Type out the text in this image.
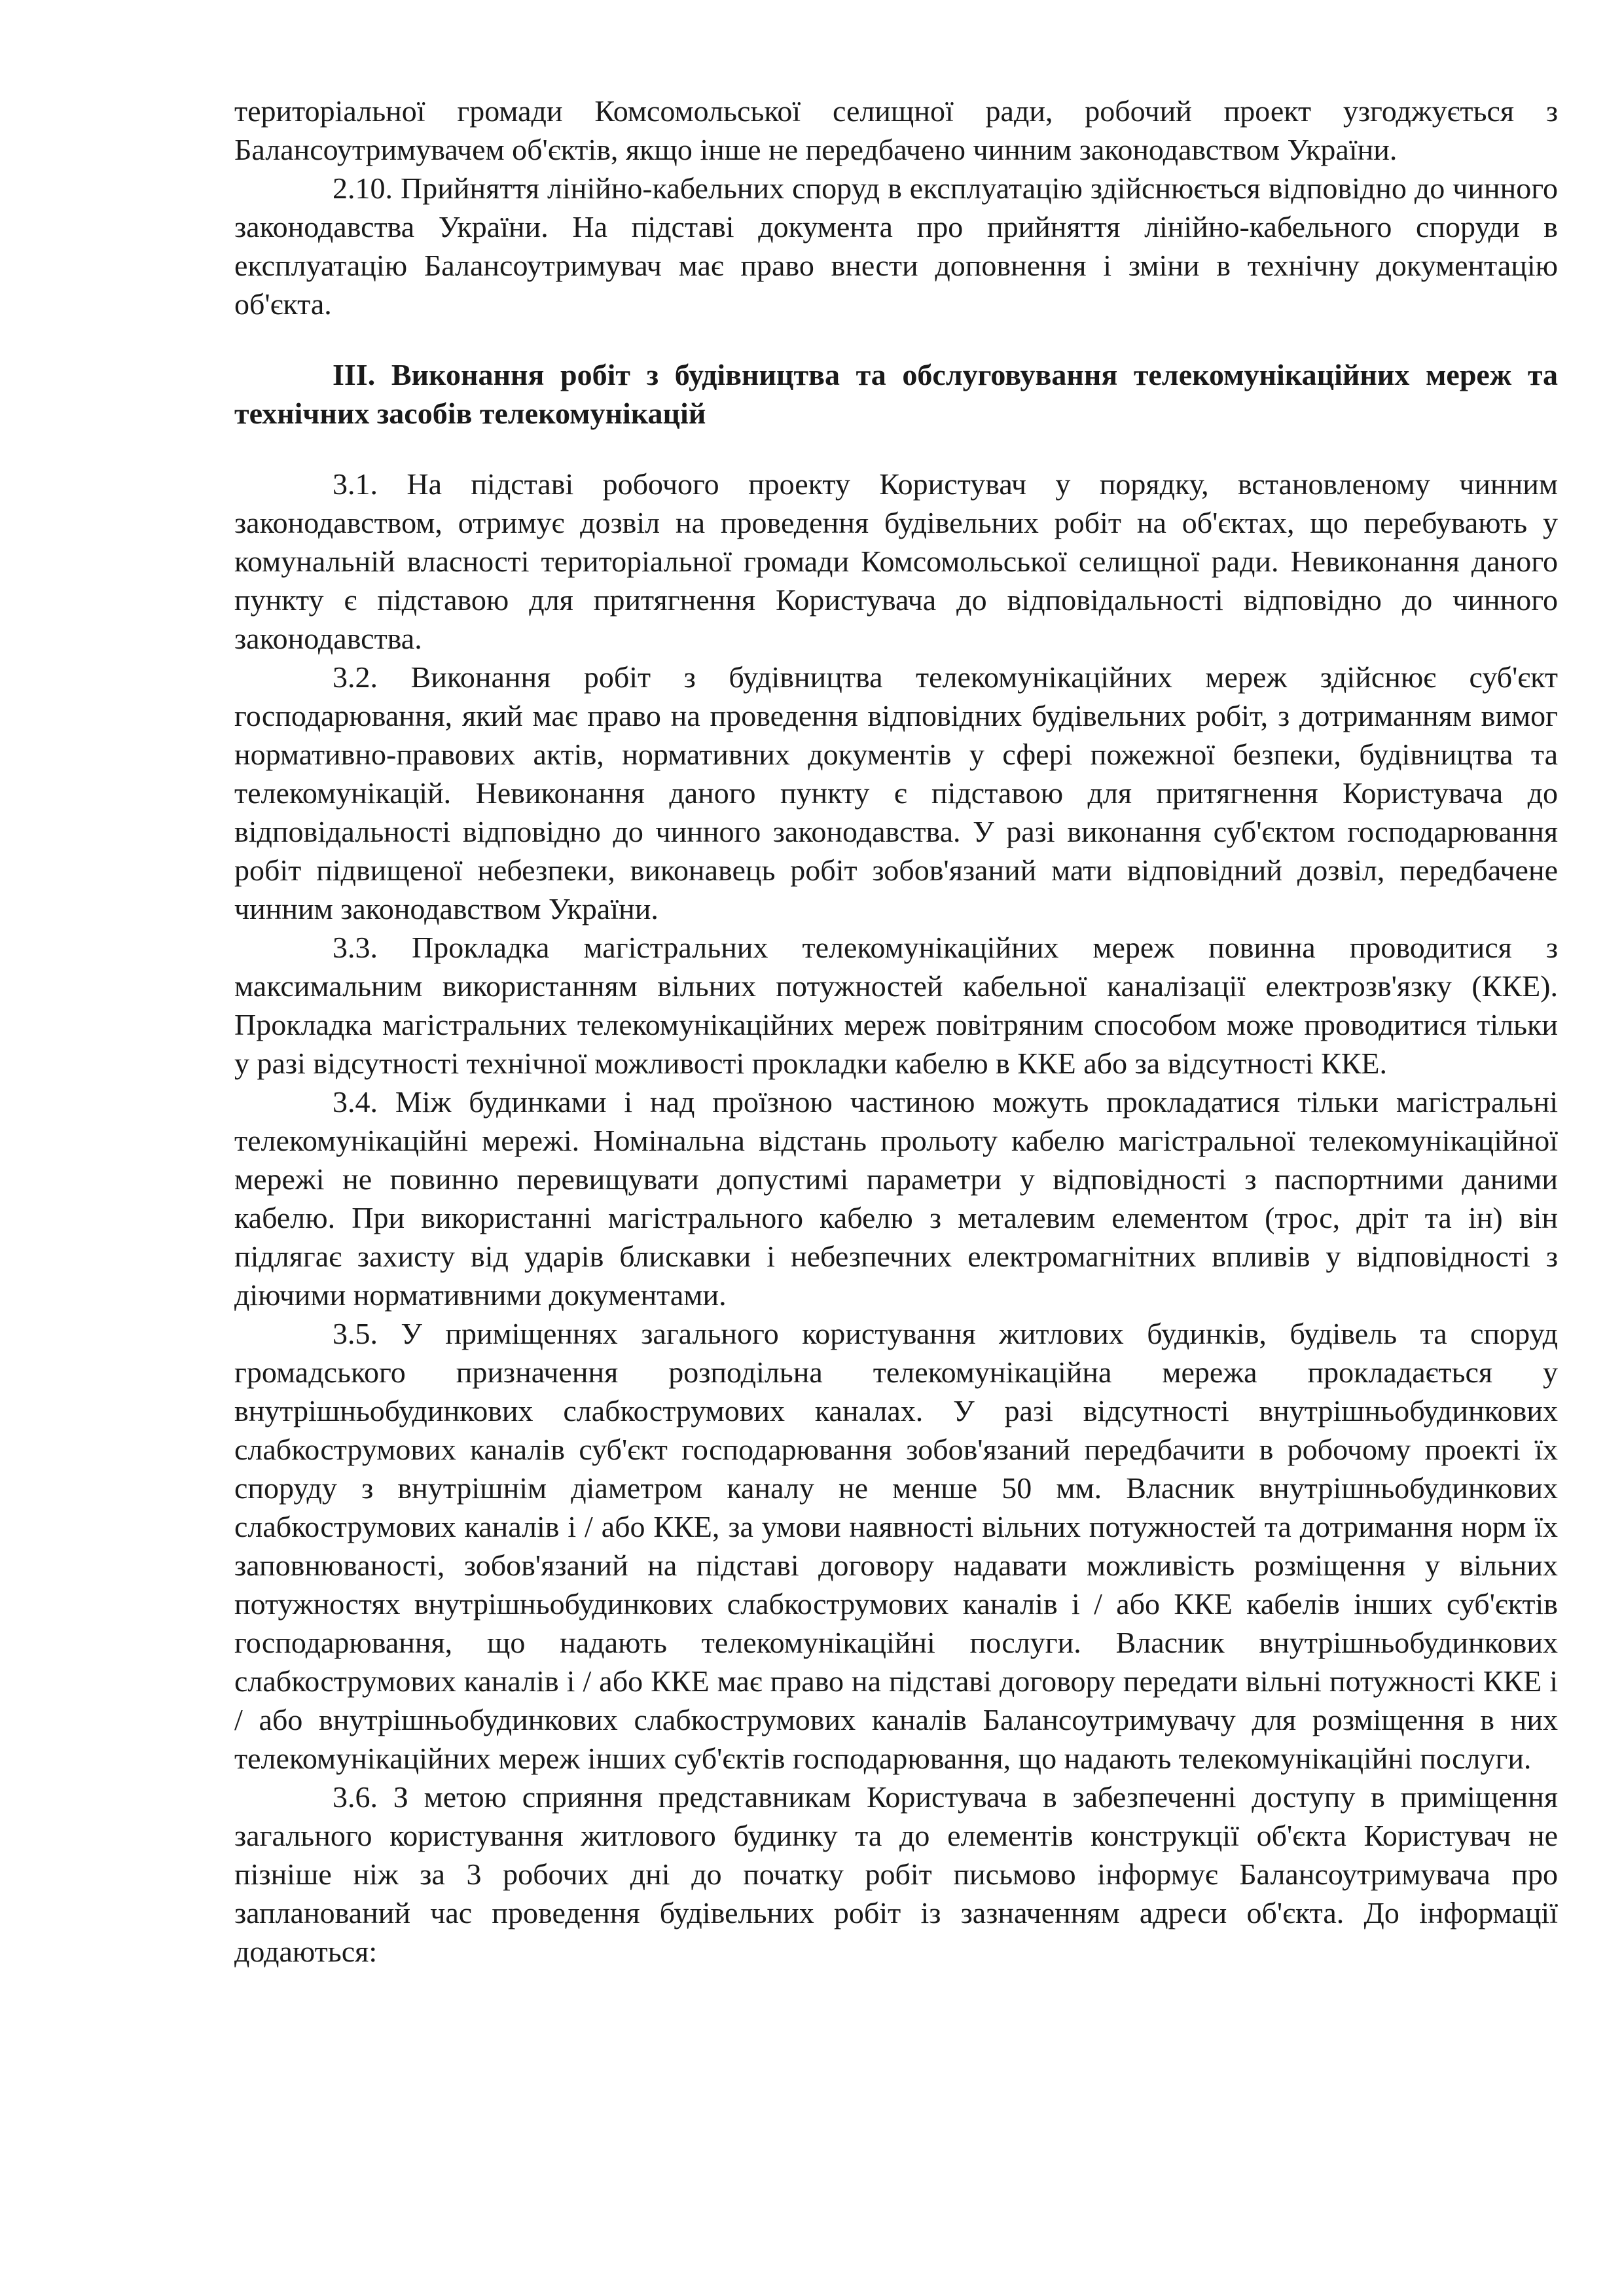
територіальної громади Комсомольської селищної ради, робочий проект узгоджується з Балансоутримувачем об'єктів, якщо інше не передбачено чинним законодавством України.

2.10. Прийняття лінійно-кабельних споруд в експлуатацію здійснюється відповідно до чинного законодавства України. На підставі документа про прийняття лінійно-кабельного споруди в експлуатацію Балансоутримувач має право внести доповнення і зміни в технічну документацію об'єкта.

ІІІ. Виконання робіт з будівництва та обслуговування телекомунікаційних мереж та технічних засобів телекомунікацій

3.1. На підставі робочого проекту Користувач у порядку, встановленому чинним законодавством, отримує дозвіл на проведення будівельних робіт на об'єктах, що перебувають у комунальній власності територіальної громади Комсомольської селищної ради. Невиконання даного пункту є підставою для притягнення Користувача до відповідальності відповідно до чинного законодавства.

3.2. Виконання робіт з будівництва телекомунікаційних мереж здійснює суб'єкт господарювання, який має право на проведення відповідних будівельних робіт, з дотриманням вимог нормативно-правових актів, нормативних документів у сфері пожежної безпеки, будівництва та телекомунікацій. Невиконання даного пункту є підставою для притягнення Користувача до відповідальності відповідно до чинного законодавства. У разі виконання суб'єктом господарювання робіт підвищеної небезпеки, виконавець робіт зобов'язаний мати відповідний дозвіл, передбачене чинним законодавством України.

3.3. Прокладка магістральних телекомунікаційних мереж повинна проводитися з максимальним використанням вільних потужностей кабельної каналізації електрозв'язку (ККЕ). Прокладка магістральних телекомунікаційних мереж повітряним способом може проводитися тільки у разі відсутності технічної можливості прокладки кабелю в ККЕ або за відсутності ККЕ.

3.4. Між будинками і над проїзною частиною можуть прокладатися тільки магістральні телекомунікаційні мережі. Номінальна відстань прольоту кабелю магістральної телекомунікаційної мережі не повинно перевищувати допустимі параметри у відповідності з паспортними даними кабелю. При використанні магістрального кабелю з металевим елементом (трос, дріт та ін) він підлягає захисту від ударів блискавки і небезпечних електромагнітних впливів у відповідності з діючими нормативними документами.

3.5. У приміщеннях загального користування житлових будинків, будівель та споруд громадського призначення розподільна телекомунікаційна мережа прокладається у внутрішньобудинкових слабкострумових каналах. У разі відсутності внутрішньобудинкових слабкострумових каналів суб'єкт господарювання зобов'язаний передбачити в робочому проекті їх споруду з внутрішнім діаметром каналу не менше 50 мм. Власник внутрішньобудинкових слабкострумових каналів і / або ККЕ, за умови наявності вільних потужностей та дотримання норм їх заповнюваності, зобов'язаний на підставі договору надавати можливість розміщення у вільних потужностях внутрішньобудинкових слабкострумових каналів і / або ККЕ кабелів інших суб'єктів господарювання, що надають телекомунікаційні послуги. Власник внутрішньобудинкових слабкострумових каналів і / або ККЕ має право на підставі договору передати вільні потужності ККЕ і / або внутрішньобудинкових слабкострумових каналів Балансоутримувачу для розміщення в них телекомунікаційних мереж інших суб'єктів господарювання, що надають телекомунікаційні послуги.

3.6. З метою сприяння представникам Користувача в забезпеченні доступу в приміщення загального користування житлового будинку та до елементів конструкції об'єкта Користувач не пізніше ніж за 3 робочих дні до початку робіт письмово інформує Балансоутримувача про запланований час проведення будівельних робіт із зазначенням адреси об'єкта. До інформації додаються:
